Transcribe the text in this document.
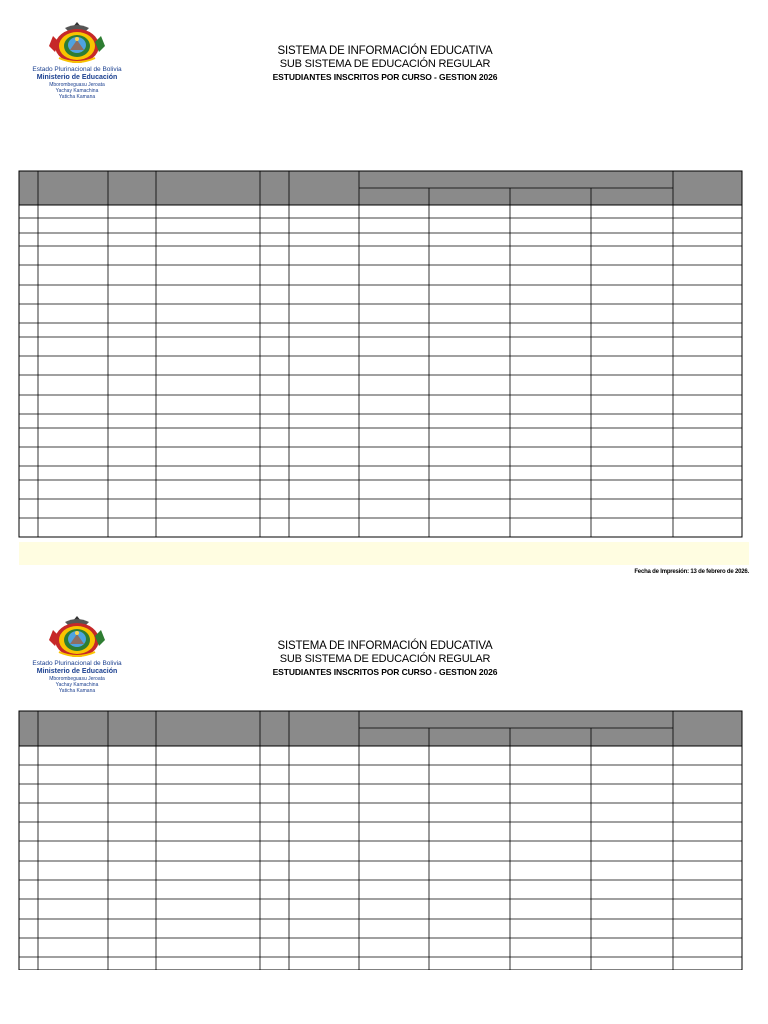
Estado Plurinacional de Bolivia
Ministerio de Educación
Mborombeguasu Jeroata
Yachay Kamachina
Yaticha Kamana
SISTEMA DE INFORMACIÓN EDUCATIVA
SUB SISTEMA DE EDUCACIÓN REGULAR
ESTUDIANTES INSCRITOS POR CURSO - GESTION 2026
Fecha de Impresión: 13 de febrero de 2026.
Estado Plurinacional de Bolivia
Ministerio de Educación
Mborombeguasu Jeroata
Yachay Kamachina
Yaticha Kamana
SISTEMA DE INFORMACIÓN EDUCATIVA
SUB SISTEMA DE EDUCACIÓN REGULAR
ESTUDIANTES INSCRITOS POR CURSO - GESTION 2026
